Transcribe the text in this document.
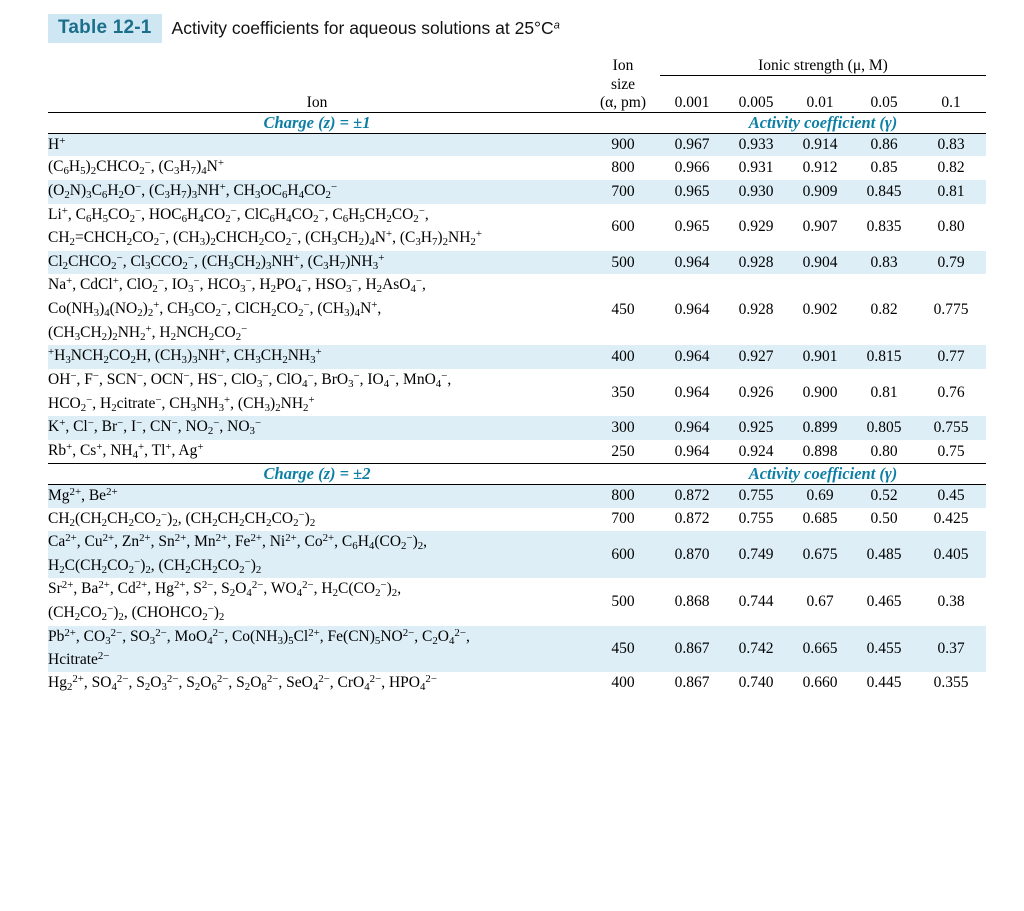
Table 12-1	Activity coefficients for aqueous solutions at $25^\circ C^a$
	Ion	Ionic strength (μ, M)				
	size					
Ion	(α, pm)	0.001	0.005	0.01	0.05	0.1
Charge (z) = ±1		Activity coefficient (γ)				
H+	900	0.967	0.933	0.914	0.86	0.83
$(C_6H_5)_2CHCO_2^-$, $(C_3H_7)_4N^+$	800	0.966	0.931	0.912	0.85	0.82
$(O_2N)_3C_6H_2O^-$, $(C_3H_7)_3NH^+$, $CH_3OC_6H_4CO_2^-$	700	0.965	0.930	0.909	0.845	0.81
Li+, $C_6H_5CO_2^-$, $HOC_6H_4CO_2^-$, $ClC_6H_4CO_2^-$, $C_6H_5CH_2CO_2^-$,
$CH_2=CHCH_2CO_2^-$, $(CH_3)_2CHCH_2CO_2^-$, $(CH_3CH_2)_4N^+$, $(C_3H_7)_2NH_2^+$	600	0.965	0.929	0.907	0.835	0.80
$Cl_2CHCO_2^-$, $Cl_3CCO_2^-$, $(CH_3CH_2)_3NH^+$, $(C_3H_7)NH_3^+$	500	0.964	0.928	0.904	0.83	0.79
Na+, CdCl+, ClO$_2$−, $IO_3^-$, $HCO_3^-$, $H_2PO_4^-$, $HSO_3^-$, $H_2AsO_4^-$,
$Co(NH_3)_4(NO_2)_2^+$, $CH_3CO_2^-$, $ClCH_2CO_2^-$, $(CH_3)_4N^+$,
$(CH_3CH_2)_2NH_2^+$, $H_2NCH_2CO_2^-$	450	0.964	0.928	0.902	0.82	0.775
$^+H_3NCH_2CO_2H$, $(CH_3)_3NH^+$, $CH_3CH_2NH_3^+$	400	0.964	0.927	0.901	0.815	0.77
OH−, F−, SCN−, OCN−, HS−, ClO$_3$−, ClO$_4$−, BrO$_3$−, $IO_4^-$, MnO$_4$−,
$HCO_2^-$, $H_2citrate^-$, $CH_3NH_3^+$, $(CH_3)_2NH_2^+$	350	0.964	0.926	0.900	0.81	0.76
K+, Cl−, Br−, I−, CN−, $NO_2^-$, $NO_3^-$	300	0.964	0.925	0.899	0.805	0.755
Rb+, Cs+, $NH_4^+$, Tl+, Ag+	250	0.964	0.924	0.898	0.80	0.75
Charge (z) = ±2		Activity coefficient (γ)				
$Mg^{2+}$, $Be^{2+}$	800	0.872	0.755	0.69	0.52	0.45
$CH_2(CH_2CH_2CO_2^-)_2$, $(CH_2CH_2CH_2CO_2^-)_2$	700	0.872	0.755	0.685	0.50	0.425
$Ca^{2+}$, $Cu^{2+}$, $Zn^{2+}$, $Sn^{2+}$, $Mn^{2+}$, $Fe^{2+}$, $Ni^{2+}$, $Co^{2+}$, $C_6H_4(CO_2^-)_2$,
$H_2C(CH_2CO_2^-)_2$, $(CH_2CH_2CO_2^-)_2$	600	0.870	0.749	0.675	0.485	0.405
$Sr^{2+}$, $Ba^{2+}$, $Cd^{2+}$, $Hg^{2+}$, $S^{2-}$, $S_2O_4^{2-}$, $WO_4^{2-}$, $H_2C(CO_2^-)_2$,
$(CH_2CO_2^-)_2$, $(CHOHCO_2^-)_2$	500	0.868	0.744	0.67	0.465	0.38
$Pb^{2+}$, $CO_3^{2-}$, $SO_3^{2-}$, MoO$_4^{2-}$, $Co(NH_3)_5Cl^{2+}$, $Fe(CN)_5NO^{2-}$, $C_2O_4^{2-}$,
Hcitrate$^{2-}$	450	0.867	0.742	0.665	0.455	0.37
$Hg_2^{2+}$, $SO_4^{2-}$, $S_2O_3^{2-}$, $S_2O_6^{2-}$, $S_2O_8^{2-}$, SeO$_4^{2-}$, CrO$_4^{2-}$, $HPO_4^{2-}$	400	0.867	0.740	0.660	0.445	0.355
